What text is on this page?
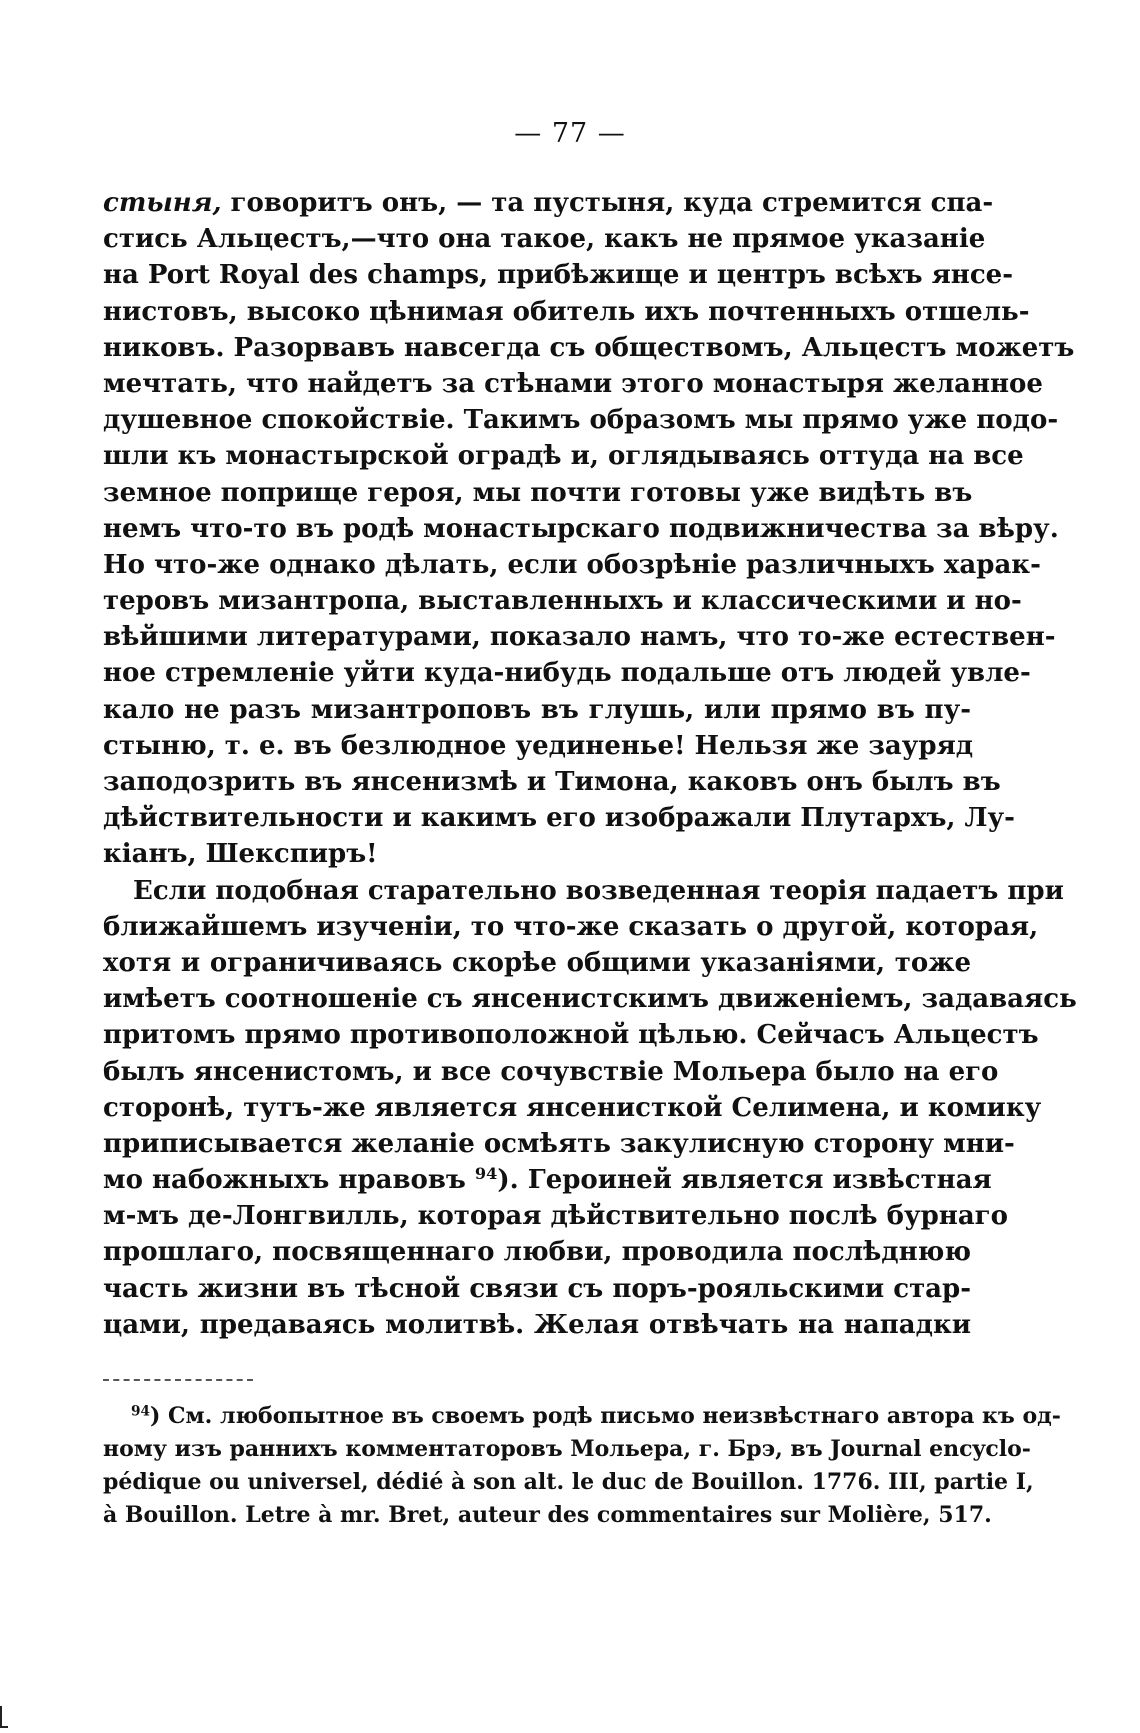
— 77 —
стыня, говоритъ онъ, — та пустыня, куда стремится спа-
стись Альцестъ,—что она такое, какъ не прямое указаніе
на Port Royal des champs, прибѣжище и центръ всѣхъ янсе-
нистовъ, высоко цѣнимая обитель ихъ почтенныхъ отшель-
никовъ. Разорвавъ навсегда съ обществомъ, Альцестъ можетъ
мечтать, что найдетъ за стѣнами этого монастыря желанное
душевное спокойствіе. Такимъ образомъ мы прямо уже подо-
шли къ монастырской оградѣ и, оглядываясь оттуда на все
земное поприще героя, мы почти готовы уже видѣть въ
немъ что-то въ родѣ монастырскаго подвижничества за вѣру.
Но что-же однако дѣлать, если обозрѣніе различныхъ харак-
теровъ мизантропа, выставленныхъ и классическими и но-
вѣйшими литературами, показало намъ, что то-же естествен-
ное стремленіе уйти куда-нибудь подальше отъ людей увле-
кало не разъ мизантроповъ въ глушь, или прямо въ пу-
стыню, т. е. въ безлюдное уединенье! Нельзя же зауряд
заподозрить въ янсенизмѣ и Тимона, каковъ онъ былъ въ
дѣйствительности и какимъ его изображали Плутархъ, Лу-
кіанъ, Шекспиръ!
Если подобная старательно возведенная теорія падаетъ при
ближайшемъ изученіи, то что-же сказать о другой, которая,
хотя и ограничиваясь скорѣе общими указаніями, тоже
имѣетъ соотношеніе съ янсенистскимъ движеніемъ, задаваясь
притомъ прямо противоположной цѣлью. Сейчасъ Альцестъ
былъ янсенистомъ, и все сочувствіе Мольера было на его
сторонѣ, тутъ-же является янсенисткой Селимена, и комику
приписывается желаніе осмѣять закулисную сторону мни-
мо набожныхъ нравовъ $^{94}$). Героиней является извѣстная
м-мъ де-Лонгвилль, которая дѣйствительно послѣ бурнаго
прошлаго, посвященнаго любви, проводила послѣднюю
часть жизни въ тѣсной связи съ поръ-рояльскими стар-
цами, предаваясь молитвѣ. Желая отвѣчать на нападки
$^{94}$) См. любопытное въ своемъ родѣ письмо неизвѣстнаго автора къ од-
ному изъ раннихъ комментаторовъ Мольера, г. Брэ, въ Journal encyclo-
pédique ou universel, dédié à son alt. le duc de Bouillon. 1776. III, partie I,
à Bouillon. Letre à mr. Bret, auteur des commentaires sur Molière, 517.
